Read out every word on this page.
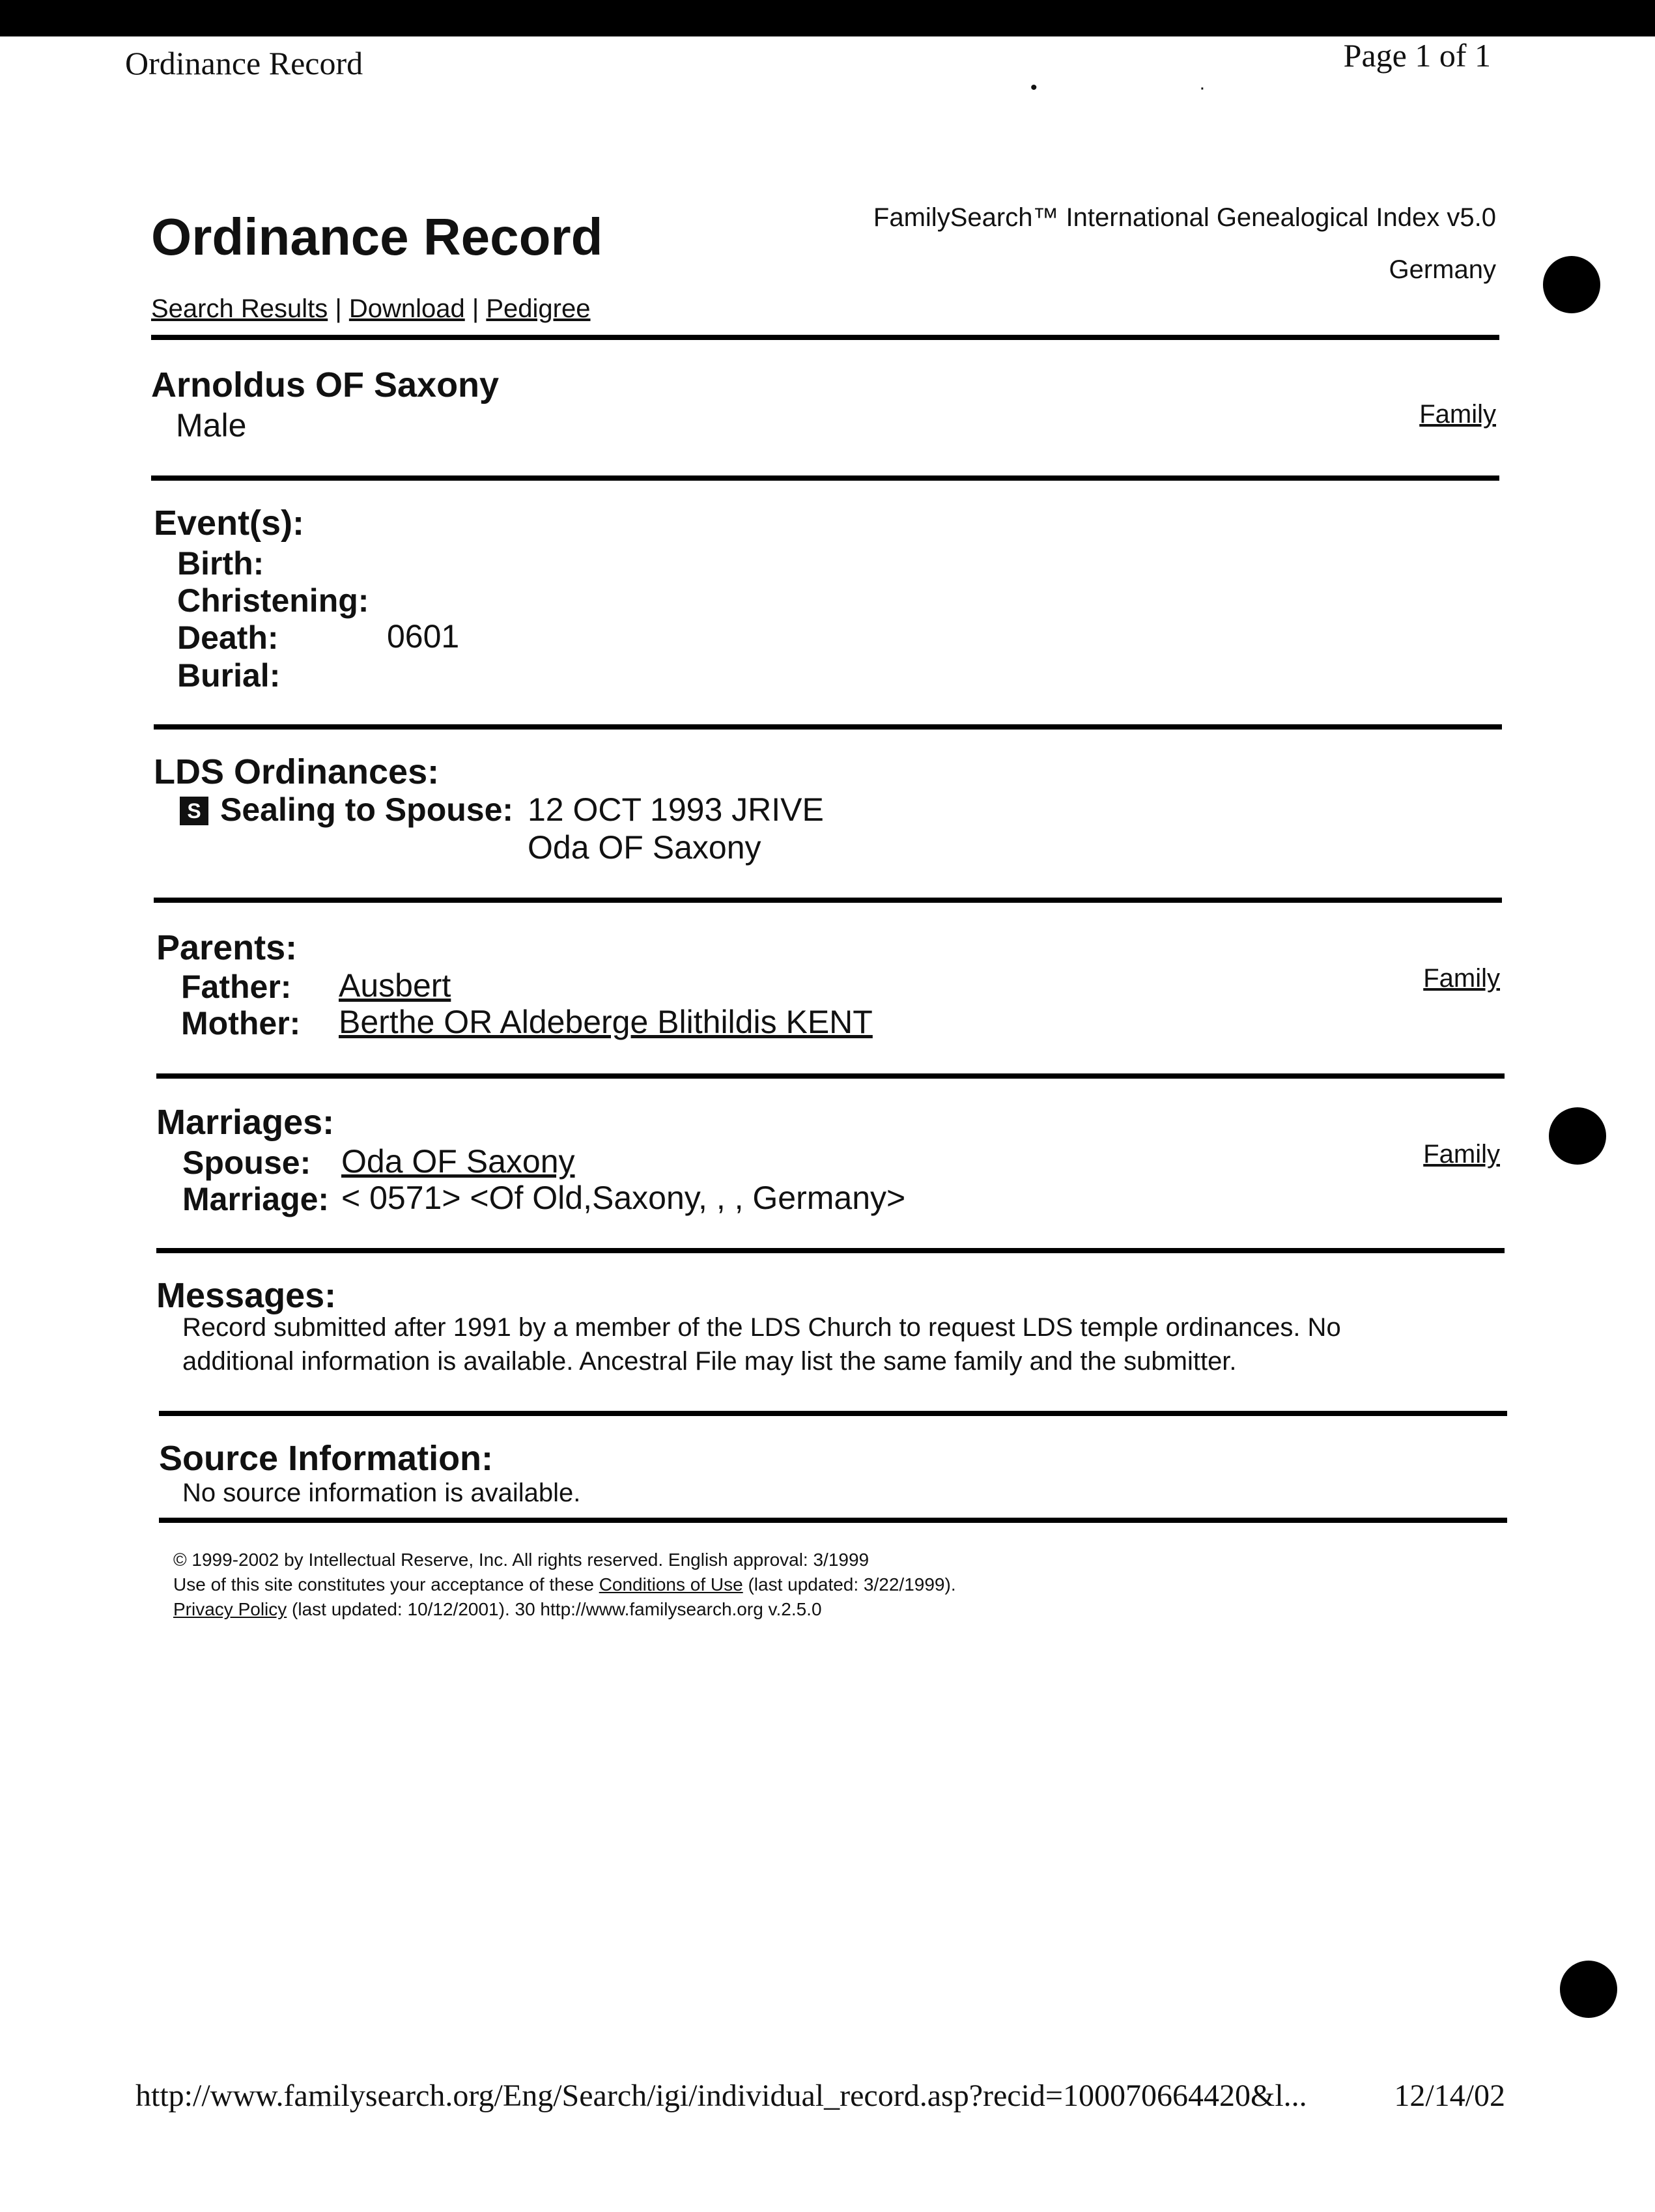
Ordinance Record	Page 1 of 1
• ·
Ordinance Record	FamilySearch™ International Genealogical Index v5.0
Germany
Search Results | Download | Pedigree
Arnoldus OF Saxony
Male	Family
Event(s):
Birth:
Christening:
Death:	0601
Burial:
LDS Ordinances:
S Sealing to Spouse: 12 OCT 1993 JRIVE
Oda OF Saxony
Parents:
Father: Ausbert	Family
Mother: Berthe OR Aldeberge Blithildis KENT
Marriages:
Spouse: Oda OF Saxony	Family
Marriage: < 0571> <Of Old,Saxony, , , Germany>
Messages:
Record submitted after 1991 by a member of the LDS Church to request LDS temple ordinances. No
additional information is available. Ancestral File may list the same family and the submitter.
Source Information:
No source information is available.
© 1999-2002 by Intellectual Reserve, Inc. All rights reserved. English approval: 3/1999
Use of this site constitutes your acceptance of these Conditions of Use (last updated: 3/22/1999).
Privacy Policy (last updated: 10/12/2001). 30 http://www.familysearch.org v.2.5.0
http://www.familysearch.org/Eng/Search/igi/individual_record.asp?recid=100070664420&l...	12/14/02
